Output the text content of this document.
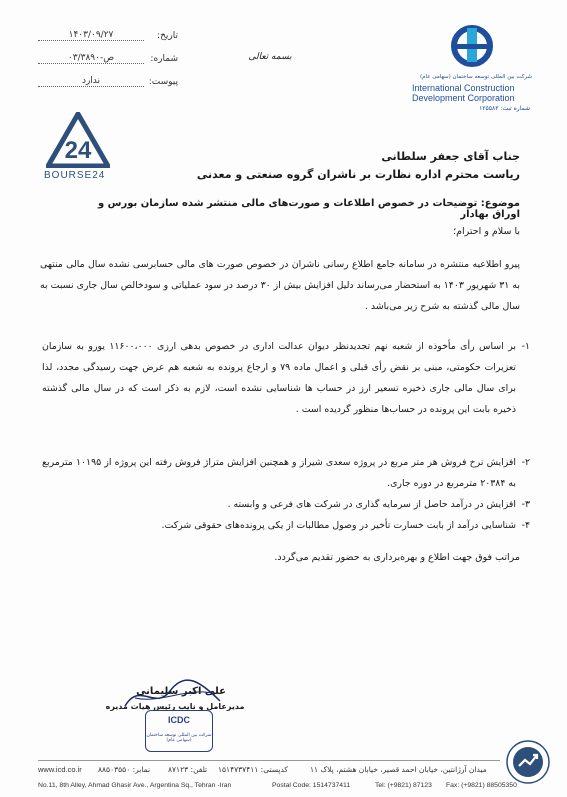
شرکت بین المللی توسعه ساختمان (سهامی عام)
International Construction
Development Corporation
شماره ثبت: ۱۲۵۵۸۳
بسمه تعالی
تاریخ:
۱۴۰۳/۰۹/۲۷
شماره:
۰۳/۳۸۹۰-ص
پیوست:
ندارد
24
BOURSE24
جناب آقای جعفر سلطانی
ریاست محترم اداره نظارت بر ناشران گروه صنعتی و معدنی
موضوع: توضیحات در خصوص اطلاعات و صورت‌های مالی منتشر شده سازمان بورس و اوراق بهادار
با سلام و احترام؛
پیرو اطلاعیه منتشره در سامانه جامع اطلاع رسانی ناشران در خصوص صورت های مالی حسابرسی نشده سال مالی منتهی به ۳۱ شهریور ۱۴۰۳ به استحضار می‌رساند دلیل افزایش بیش از ۳۰ درصد در سود عملیاتی و سودخالص سال جاری نسبت به سال مالی گذشته به شرح زیر می‌باشد .
۱-
بر اساس رأی مأخوذه از شعبه نهم تجدیدنظر دیوان عدالت اداری در خصوص بدهی ارزی ۱۱۶۰۰،۰۰۰ یورو به سازمان تعزیرات حکومتی، مبنی بر نقض رأی قبلی و اعمال ماده ۷۹ و ارجاع پرونده به شعبه هم عرض جهت رسیدگی مجدد، لذا برای سال مالی جاری ذخیره تسعیر ارز در حساب ها شناسایی نشده است، لازم به ذکر است که در سال مالی گذشته ذخیره بابت این پرونده در حساب‌ها منظور گردیده است .
۲-
افزایش نرخ فروش هر متر مربع در پروژه سعدی شیراز و همچنین افزایش متراژ فروش رفته این پروژه از ۱۰۱۹۵ مترمربع به ۲۰۳۸۴ مترمربع در دوره جاری.
۳-
افزایش در درآمد حاصل از سرمایه گذاری در شرکت های فرعی و وابسته .
۴-
شناسایی درآمد از بابت خسارت تأخیر در وصول مطالبات از یکی پرونده‌های حقوقی شرکت.
مراتب فوق جهت اطلاع و بهره‌برداری به حضور تقدیم می‌گردد.
علی اکبر سلیمانی
مدیرعامل و نایب رئیس هیات مدیره
ICDC
شرکت بین المللی توسعه ساختمان (سهامی عام)
www.icd.co.ir نمابر: ۸۸۵۰۳۵۵۰ تلفن: ۸۷۱۲۳ کدپستی: ۱۵۱۴۷۳۷۴۱۱	میدان آرژانتین، خیابان احمد قصیر، خیابان هشتم، پلاک ۱۱
No.11, 8th Alley, Ahmad Ghasir Ave., Argentina Sq., Tehran -Iran	Postal Code: 1514737411	Tel: (+9821) 87123 Fax: (+9821) 88505350
